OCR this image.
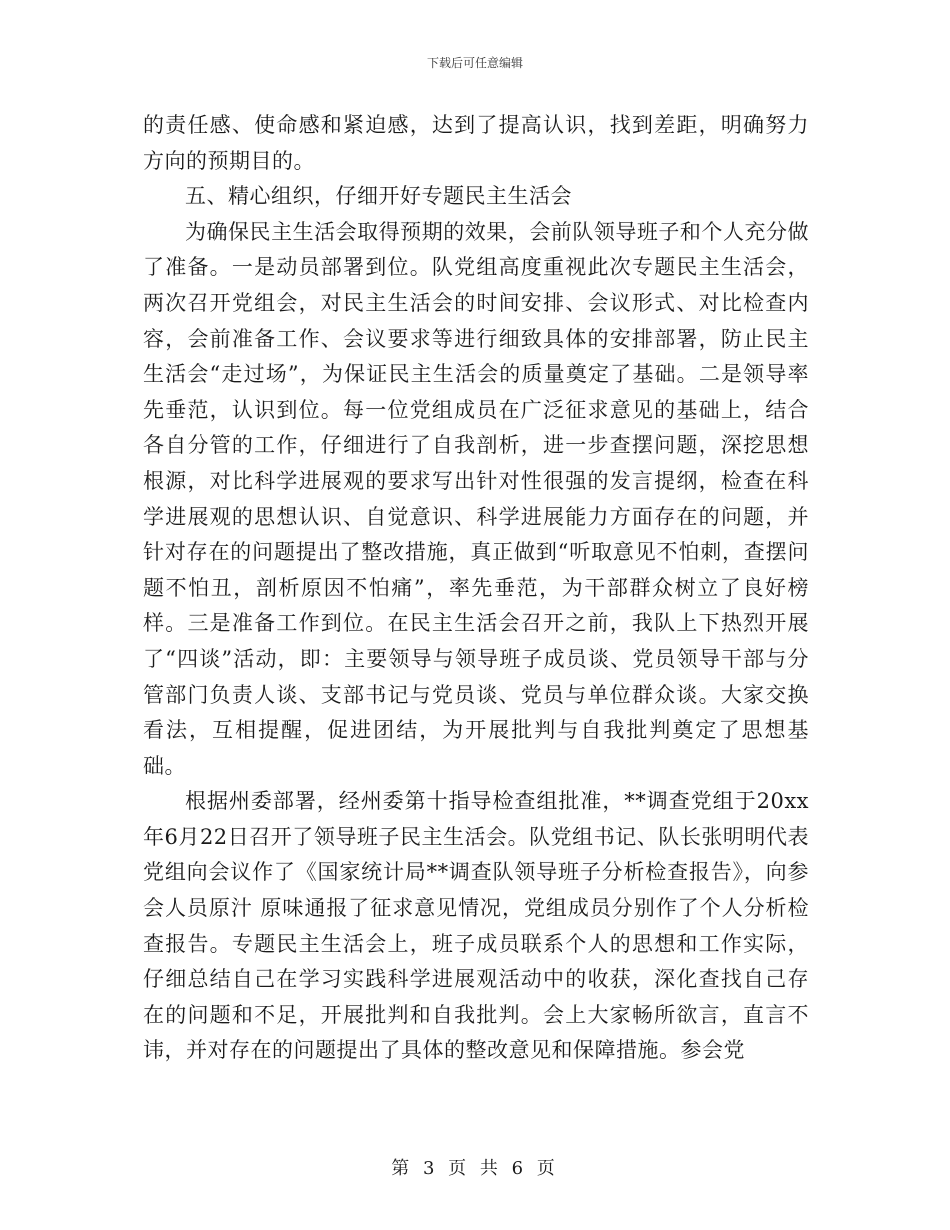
下载后可任意编辑

的责任感、使命感和紧迫感，达到了提高认识，找到差距，明确努力方向的预期目的。

五、精心组织，仔细开好专题民主生活会

为确保民主生活会取得预期的效果，会前队领导班子和个人充分做了准备。一是动员部署到位。队党组高度重视此次专题民主生活会，两次召开党组会，对民主生活会的时间安排、会议形式、对比检查内容，会前准备工作、会议要求等进行细致具体的安排部署，防止民主生活会“走过场”，为保证民主生活会的质量奠定了基础。二是领导率先垂范，认识到位。每一位党组成员在广泛征求意见的基础上，结合各自分管的工作，仔细进行了自我剖析，进一步查摆问题，深挖思想根源，对比科学进展观的要求写出针对性很强的发言提纲，检查在科学进展观的思想认识、自觉意识、科学进展能力方面存在的问题，并针对存在的问题提出了整改措施，真正做到“听取意见不怕刺，查摆问题不怕丑，剖析原因不怕痛”，率先垂范，为干部群众树立了良好榜样。三是准备工作到位。在民主生活会召开之前，我队上下热烈开展了“四谈”活动，即：主要领导与领导班子成员谈、党员领导干部与分管部门负责人谈、支部书记与党员谈、党员与单位群众谈。大家交换看法，互相提醒，促进团结，为开展批判与自我批判奠定了思想基础。

根据州委部署，经州委第十指导检查组批准，**调查党组于20xx年6月22日召开了领导班子民主生活会。队党组书记、队长张明明代表党组向会议作了《国家统计局**调查队领导班子分析检查报告》，向参会人员原汁 原味通报了征求意见情况，党组成员分别作了个人分析检查报告。专题民主生活会上，班子成员联系个人的思想和工作实际，仔细总结自己在学习实践科学进展观活动中的收获，深化查找自己存在的问题和不足，开展批判和自我批判。会上大家畅所欲言，直言不讳，并对存在的问题提出了具体的整改意见和保障措施。参会党

第 3 页 共 6 页
